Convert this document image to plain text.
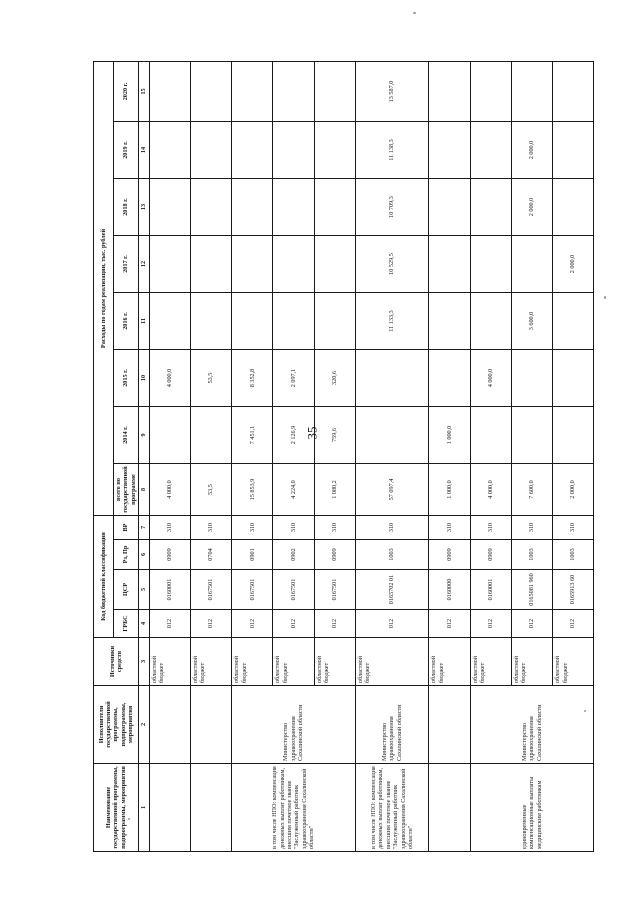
35
Наименование государственной программы, подпрограммы, мероприятия	Исполнители государственной программы, подпрограммы, мероприятия	Источники средств	Код бюджетной классификации				Расходы по годам реализации, тыс. рублей							
			ГРБС	ЦСР	Рз, Пр	ВР	всего по государственной программе	2014 г.	2015 г.	2016 г.	2017 г.	2018 г.	2019 г.	2020 г.

1	2	3	4	5	6	7	8	9	10	11	12	13	14	15
		областной бюджет	012	0160001	0909	310	4 000,0		4 000,0					
		областной бюджет	012	0167501	0704	310	53,5		53,5					
в том числе НПО: компенсация денежных выплат работникам, внесшим почетное звание "Заслуженный работник здравоохранения Сахалинской области"	Министерство здравоохранения Сахалинской области	областной бюджет	012	0167501	0901	310	15 853,9	7 451,1	8 352,8					
		областной бюджет	012	0167501	0902	310	4 224,0	2 126,9	2 097,1					
		областной бюджет	012	0167501	0909	310	1 080,2	759,6	320,6					
в том числе НПО: компенсация денежных выплат работникам, внесшим почетное звание "Заслуженный работник здравоохранения Сахалинской области"	Министерство здравоохранения Сахалинской области	областной бюджет	012	0165702 01	1003	310	57 097,4			11 133,3	10 529,5	10 709,3	11 138,3	13 587,0
		областной бюджет	012	0160000	0909	310	1 000,0	1 000,0						
единовременные компенсационные выплаты медицинским работникам	Министерство здравоохранения Сахалинской области	областной бюджет	012	0160001	0909	310	4 000,0		4 000,0					
		областной бюджет	012	0165081 960	1003	310	7 600,0			3 600,0		2 000,0	2 000,0	
		областной бюджет	012	0165913 60	1003	310	2 000,0				2 000,0			
